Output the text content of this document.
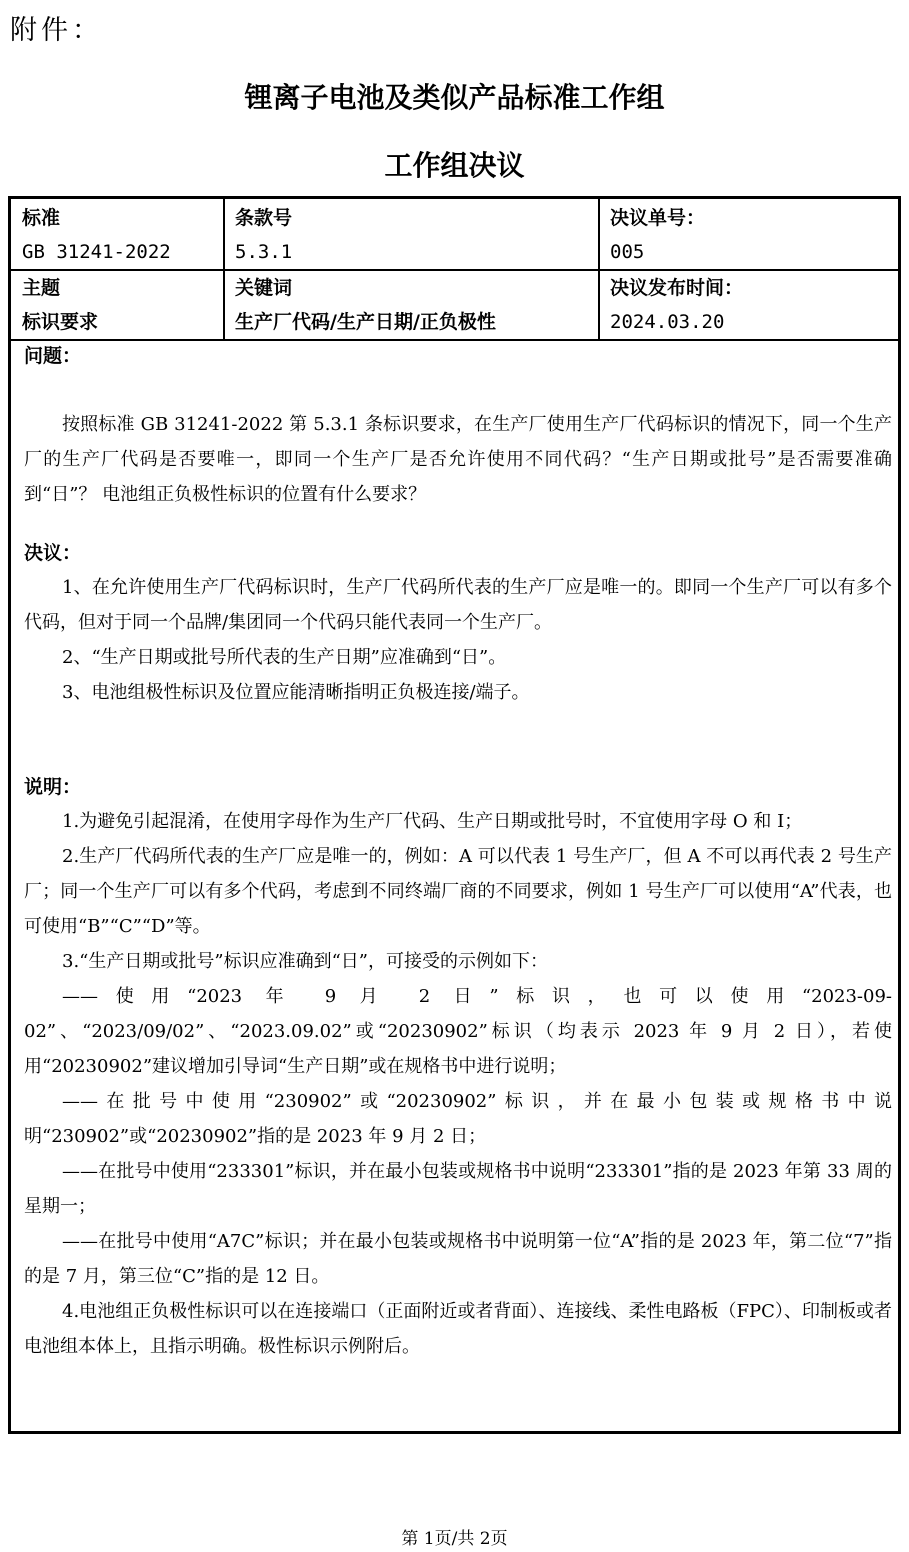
附件：
锂离子电池及类似产品标准工作组
工作组决议
标准
GB 31241-2022
条款号
5.3.1
决议单号：
005
主题
标识要求
关键词
生产厂代码/生产日期/正负极性
决议发布时间：
2024.03.20
问题：

按照标准 GB 31241-2022 第 5.3.1 条标识要求，在生产厂使用生产厂代码标识的情况下，同一个生产厂的生产厂代码是否要唯一，即同一个生产厂是否允许使用不同代码？“生产日期或批号”是否需要准确到“日”？ 电池组正负极性标识的位置有什么要求？

决议：

1、在允许使用生产厂代码标识时，生产厂代码所代表的生产厂应是唯一的。即同一个生产厂可以有多个代码，但对于同一个品牌/集团同一个代码只能代表同一个生产厂。

2、“生产日期或批号所代表的生产日期”应准确到“日”。

3、电池组极性标识及位置应能清晰指明正负极连接/端子。

说明：

1.为避免引起混淆，在使用字母作为生产厂代码、生产日期或批号时，不宜使用字母 O 和 I；

2.生产厂代码所代表的生产厂应是唯一的，例如：A 可以代表 1 号生产厂，但 A 不可以再代表 2 号生产厂；同一个生产厂可以有多个代码，考虑到不同终端厂商的不同要求，例如 1 号生产厂可以使用“A”代表，也可使用“B”“C”“D”等。

3.“生产日期或批号”标识应准确到“日”，可接受的示例如下：

——使用“2023 年 9 月 2 日”标识，也可以使用“2023-09-02”、“2023/09/02”、“2023.09.02”或“20230902”标识（均表示 2023 年 9 月 2 日），若使用“20230902”建议增加引导词“生产日期”或在规格书中进行说明；

——在批号中使用“230902”或“20230902”标识，并在最小包装或规格书中说明“230902”或“20230902”指的是 2023 年 9 月 2 日；

——在批号中使用“233301”标识，并在最小包装或规格书中说明“233301”指的是 2023 年第 33 周的星期一；

——在批号中使用“A7C”标识；并在最小包装或规格书中说明第一位“A”指的是 2023 年，第二位“7”指的是 7 月，第三位“C”指的是 12 日。

4.电池组正负极性标识可以在连接端口（正面附近或者背面）、连接线、柔性电路板（FPC）、印制板或者电池组本体上，且指示明确。极性标识示例附后。

第 1页/共 2页
